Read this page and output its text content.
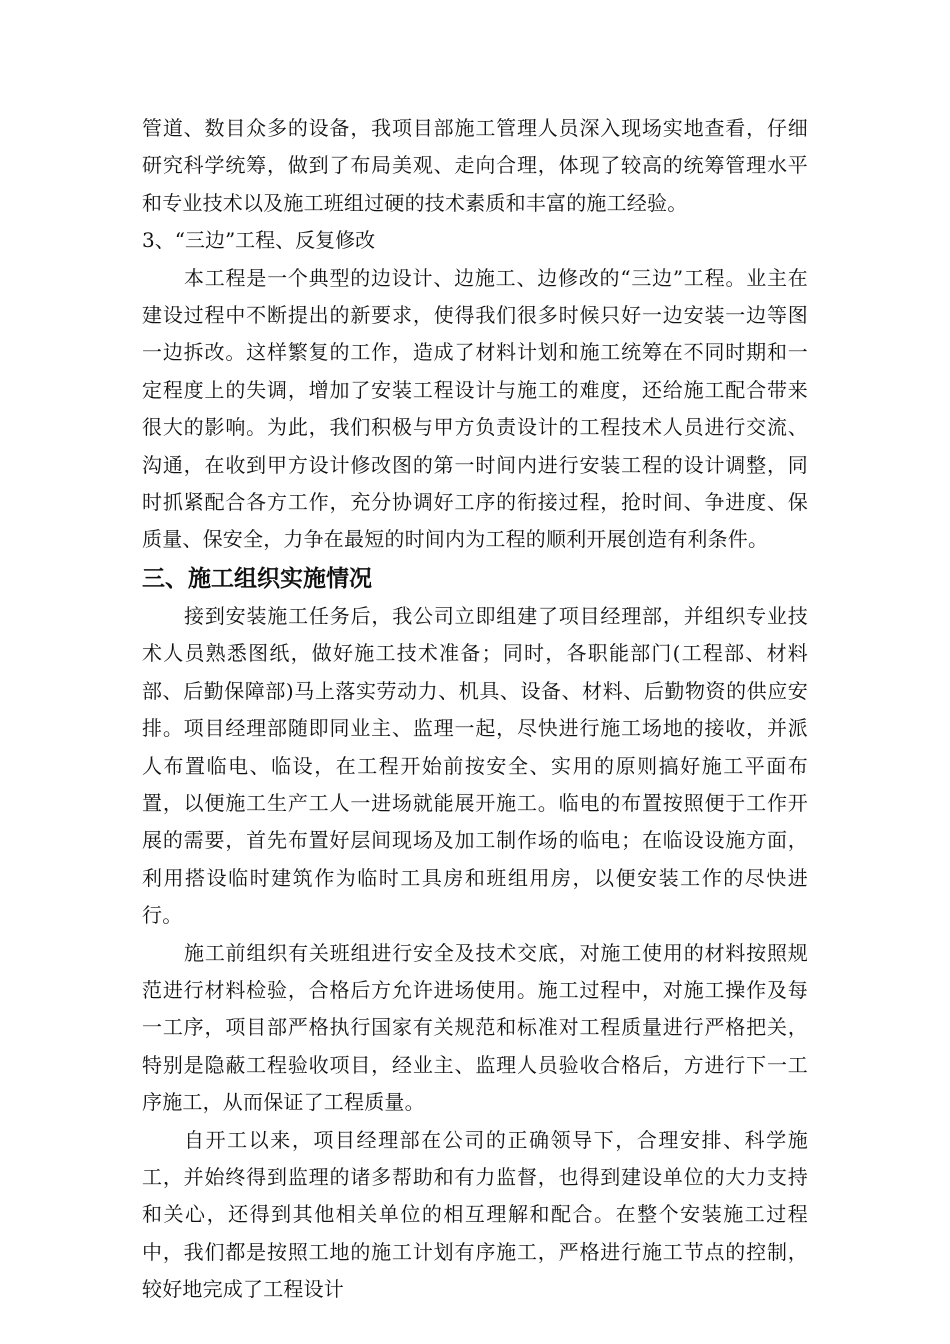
管道、数目众多的设备，我项目部施工管理人员深入现场实地查看，仔细研究科学统筹，做到了布局美观、走向合理，体现了较高的统筹管理水平和专业技术以及施工班组过硬的技术素质和丰富的施工经验。

3、“三边”工程、反复修改

本工程是一个典型的边设计、边施工、边修改的“三边”工程。业主在建设过程中不断提出的新要求，使得我们很多时候只好一边安装一边等图一边拆改。这样繁复的工作，造成了材料计划和施工统筹在不同时期和一定程度上的失调，增加了安装工程设计与施工的难度，还给施工配合带来很大的影响。为此，我们积极与甲方负责设计的工程技术人员进行交流、沟通，在收到甲方设计修改图的第一时间内进行安装工程的设计调整，同时抓紧配合各方工作，充分协调好工序的衔接过程，抢时间、争进度、保质量、保安全，力争在最短的时间内为工程的顺利开展创造有利条件。

三、施工组织实施情况

接到安装施工任务后，我公司立即组建了项目经理部，并组织专业技术人员熟悉图纸，做好施工技术准备；同时，各职能部门(工程部、材料部、后勤保障部)马上落实劳动力、机具、设备、材料、后勤物资的供应安排。项目经理部随即同业主、监理一起，尽快进行施工场地的接收，并派人布置临电、临设，在工程开始前按安全、实用的原则搞好施工平面布置，以便施工生产工人一进场就能展开施工。临电的布置按照便于工作开展的需要，首先布置好层间现场及加工制作场的临电；在临设设施方面，利用搭设临时建筑作为临时工具房和班组用房，以便安装工作的尽快进行。

施工前组织有关班组进行安全及技术交底，对施工使用的材料按照规范进行材料检验，合格后方允许进场使用。施工过程中，对施工操作及每一工序，项目部严格执行国家有关规范和标准对工程质量进行严格把关，特别是隐蔽工程验收项目，经业主、监理人员验收合格后，方进行下一工序施工，从而保证了工程质量。

自开工以来，项目经理部在公司的正确领导下，合理安排、科学施工，并始终得到监理的诸多帮助和有力监督，也得到建设单位的大力支持和关心，还得到其他相关单位的相互理解和配合。在整个安装施工过程中，我们都是按照工地的施工计划有序施工，严格进行施工节点的控制，较好地完成了工程设计
